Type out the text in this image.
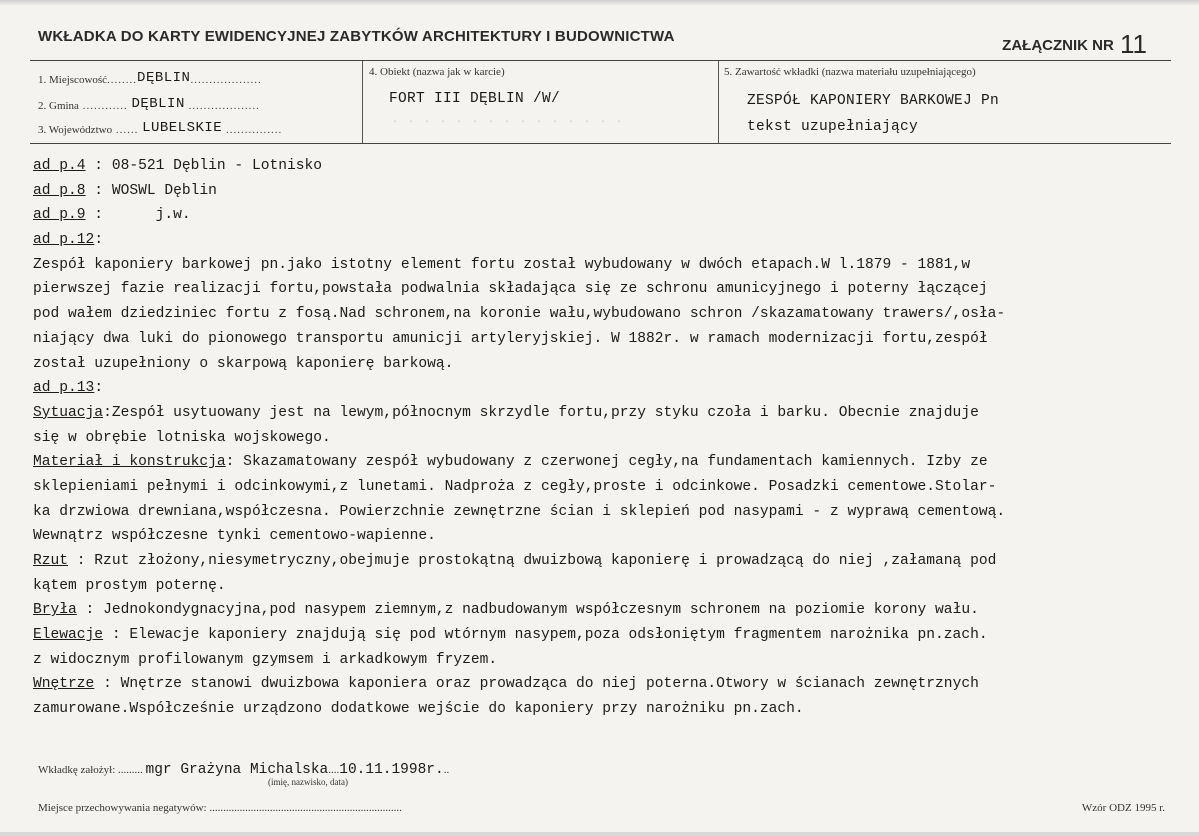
WKŁADKA DO KARTY EWIDENCYJNEJ ZABYTKÓW ARCHITEKTURY I BUDOWNICTWA
ZAŁĄCZNIK NR 11
1. Miejscowość........DĘBLIN...................
2. Gmina ............ DĘBLIN ...................
3. Województwo ...... LUBELSKIE ...............
4. Obiekt (nazwa jak w karcie)
FORT III DĘBLIN /W/
· · · · · · · · · · · · · · ·
5. Zawartość wkładki (nazwa materiału uzupełniającego)
ZESPÓŁ KAPONIERY BARKOWEJ Pn
tekst uzupełniający
ad p.4 : 08-521 Dęblin - Lotnisko
ad p.8 : WOSWL Dęblin
ad p.9 :      j.w.
ad p.12:
Zespół kaponiery barkowej pn.jako istotny element fortu został wybudowany w dwóch etapach.W l.1879 - 1881,w
pierwszej fazie realizacji fortu,powstała podwalnia składająca się ze schronu amunicyjnego i poterny łączącej
pod wałem dziedziniec fortu z fosą.Nad schronem,na koronie wału,wybudowano schron /skazamatowany trawers/,osła-
niający dwa luki do pionowego transportu amunicji artyleryjskiej. W 1882r. w ramach modernizacji fortu,zespół
został uzupełniony o skarpową kaponierę barkową.
ad p.13:
Sytuacja:Zespół usytuowany jest na lewym,północnym skrzydle fortu,przy styku czoła i barku. Obecnie znajduje
się w obrębie lotniska wojskowego.
Materiał i konstrukcja: Skazamatowany zespół wybudowany z czerwonej cegły,na fundamentach kamiennych. Izby ze
sklepieniami pełnymi i odcinkowymi,z lunetami. Nadproża z cegły,proste i odcinkowe. Posadzki cementowe.Stolar-
ka drzwiowa drewniana,współczesna. Powierzchnie zewnętrzne ścian i sklepień pod nasypami - z wyprawą cementową.
Wewnątrz współczesne tynki cementowo-wapienne.
Rzut : Rzut złożony,niesymetryczny,obejmuje prostokątną dwuizbową kaponierę i prowadzącą do niej ,załamaną pod
kątem prostym poternę.
Bryła : Jednokondygnacyjna,pod nasypem ziemnym,z nadbudowanym współczesnym schronem na poziomie korony wału.
Elewacje : Elewacje kaponiery znajdują się pod wtórnym nasypem,poza odsłoniętym fragmentem narożnika pn.zach.
z widocznym profilowanym gzymsem i arkadkowym fryzem.
Wnętrze : Wnętrze stanowi dwuizbowa kaponiera oraz prowadząca do niej poterna.Otwory w ścianach zewnętrznych
zamurowane.Współcześnie urządzono dodatkowe wejście do kaponiery przy narożniku pn.zach.
Wkładkę założył: ......... mgr Grażyna Michalska....10.11.1998r...
(imię, nazwisko, data)
Miejsce przechowywania negatywów: ......................................................................	Wzór ODZ 1995 r.
